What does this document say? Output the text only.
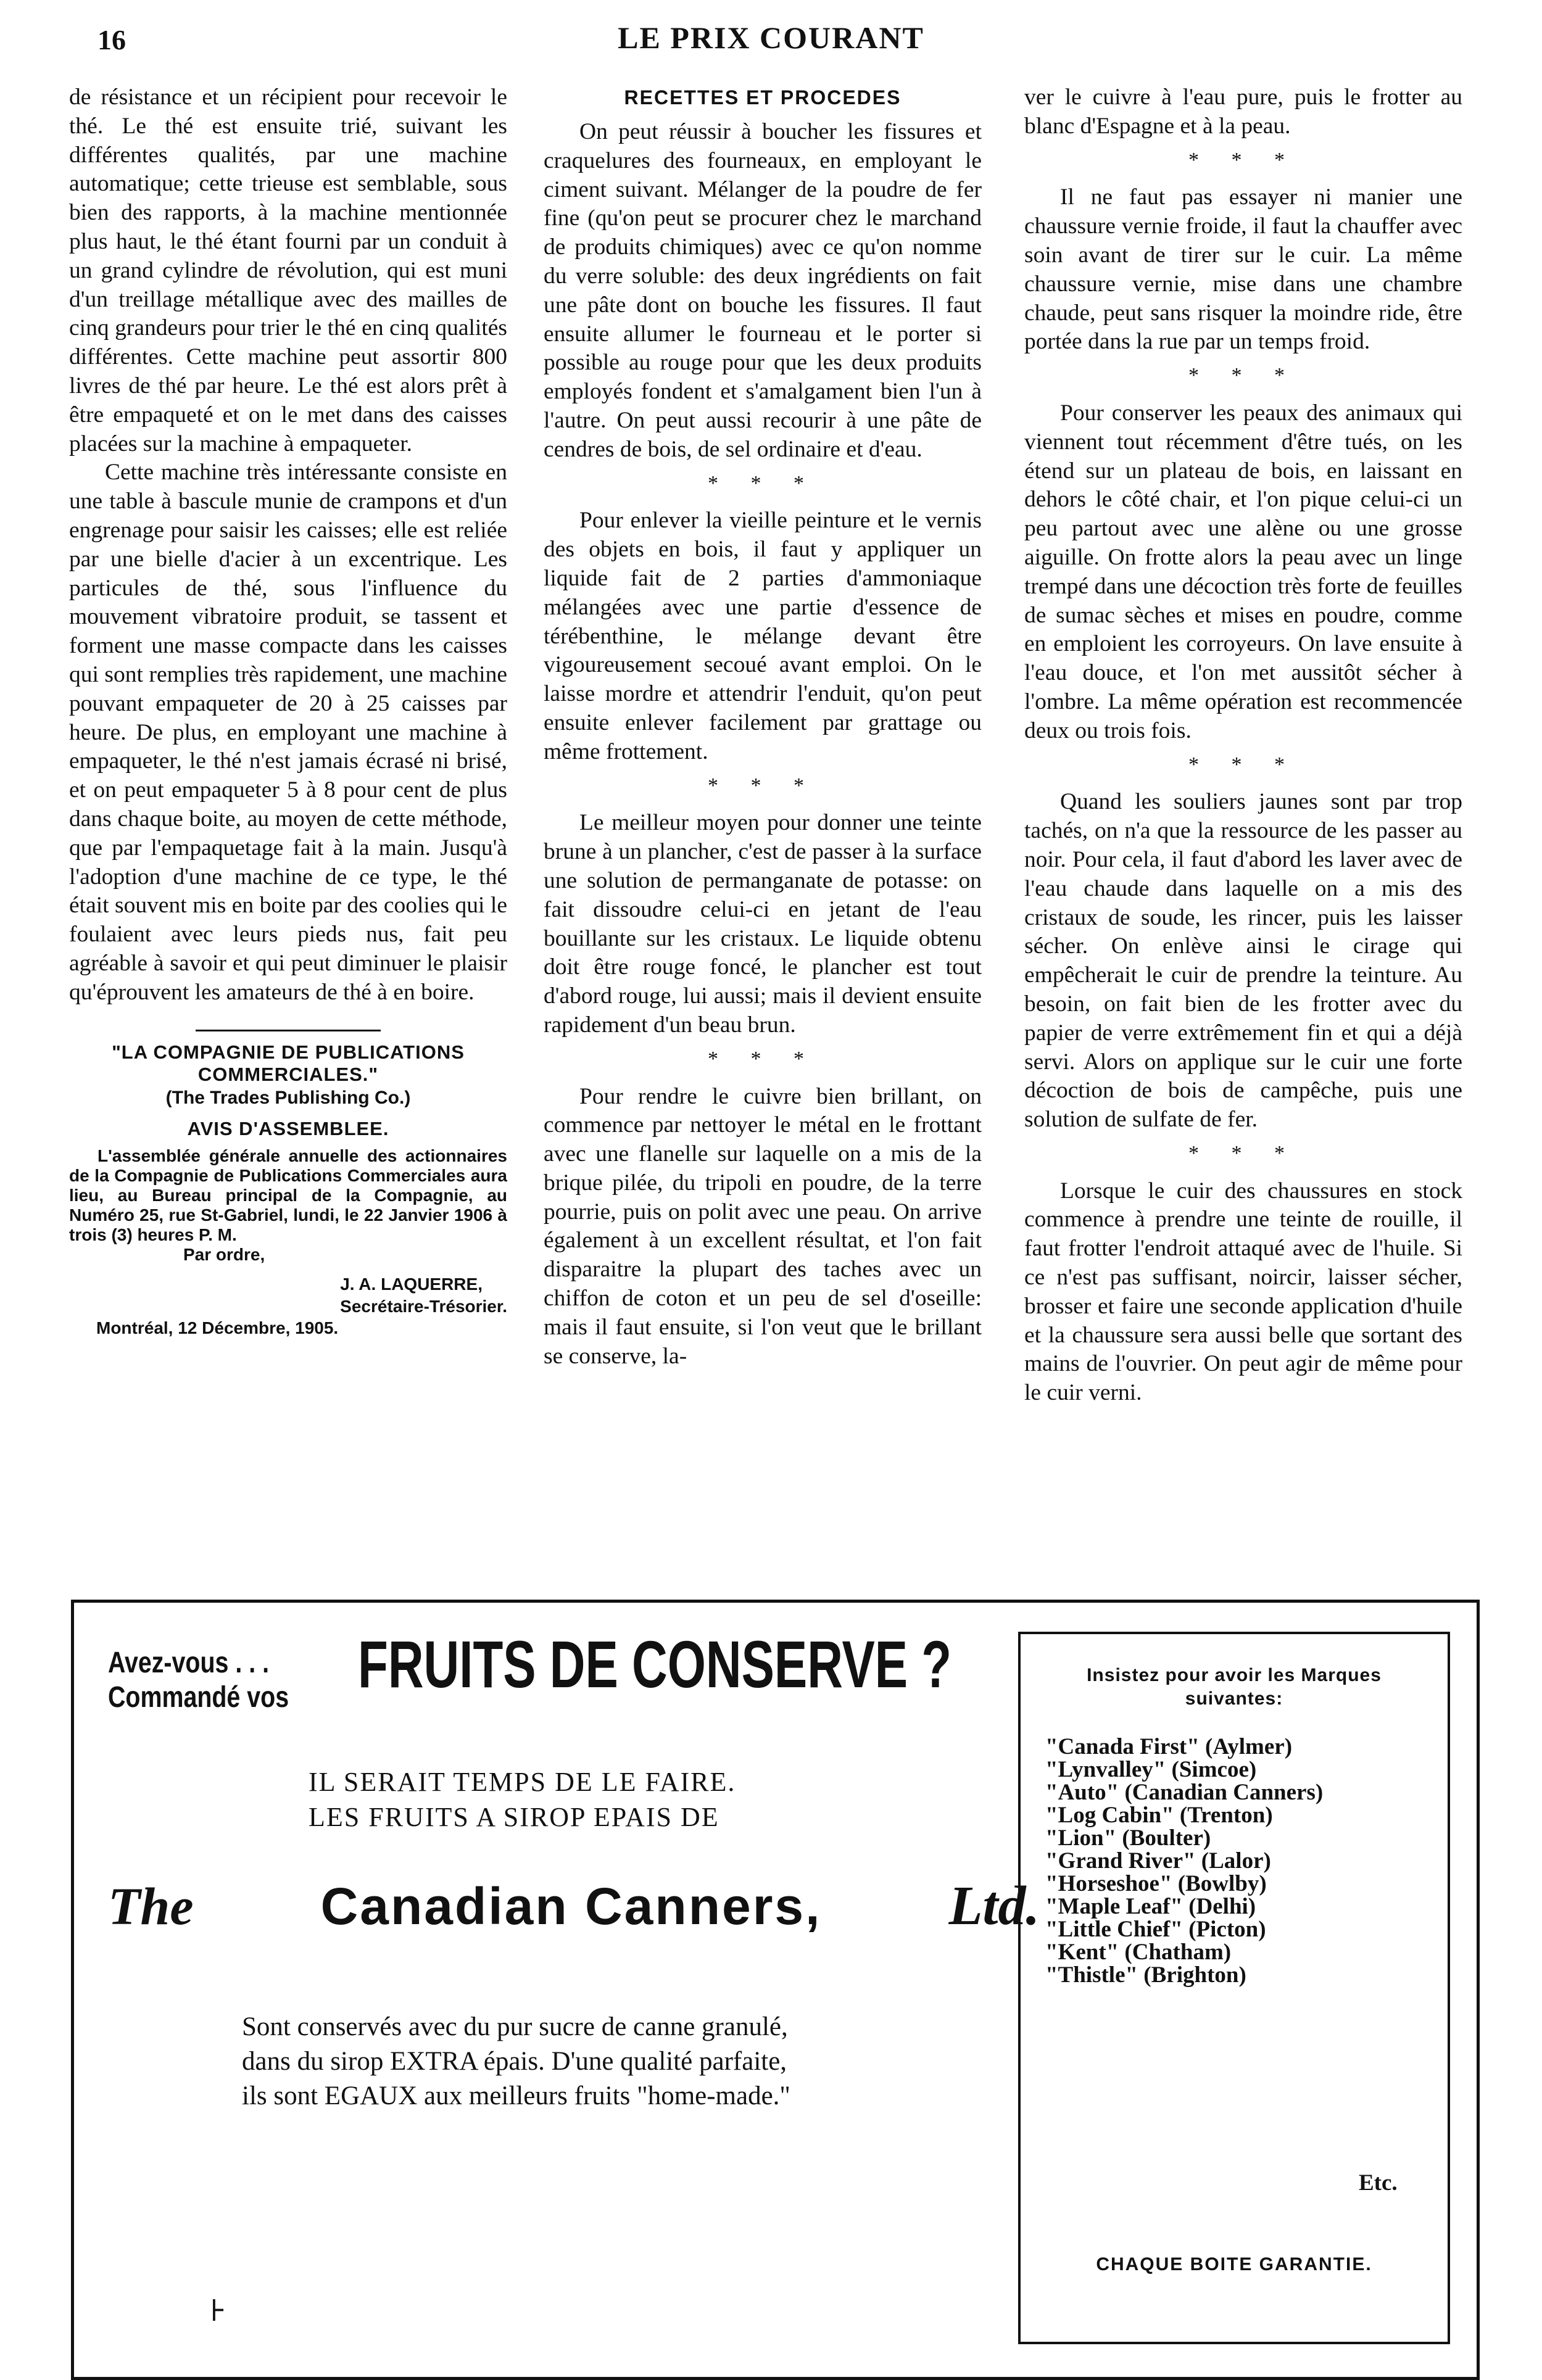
16	LE PRIX COURANT

de résistance et un récipient pour recevoir le thé. Le thé est ensuite trié, suivant les différentes qualités, par une machine automatique; cette trieuse est semblable, sous bien des rapports, à la machine mentionnée plus haut, le thé étant fourni par un conduit à un grand cylindre de révolution, qui est muni d'un treillage métallique avec des mailles de cinq grandeurs pour trier le thé en cinq qualités différentes. Cette machine peut assortir 800 livres de thé par heure. Le thé est alors prêt à être empaqueté et on le met dans des caisses placées sur la machine à empaqueter.

Cette machine très intéressante consiste en une table à bascule munie de crampons et d'un engrenage pour saisir les caisses; elle est reliée par une bielle d'acier à un excentrique. Les particules de thé, sous l'influence du mouvement vibratoire produit, se tassent et forment une masse compacte dans les caisses qui sont remplies très rapidement, une machine pouvant empaqueter de 20 à 25 caisses par heure. De plus, en employant une machine à empaqueter, le thé n'est jamais écrasé ni brisé, et on peut empaqueter 5 à 8 pour cent de plus dans chaque boite, au moyen de cette méthode, que par l'empaquetage fait à la main. Jusqu'à l'adoption d'une machine de ce type, le thé était souvent mis en boite par des coolies qui le foulaient avec leurs pieds nus, fait peu agréable à savoir et qui peut diminuer le plaisir qu'éprouvent les amateurs de thé à en boire.

"LA COMPAGNIE DE PUBLICATIONS COMMERCIALES."
(The Trades Publishing Co.)
AVIS D'ASSEMBLEE.
L'assemblée générale annuelle des actionnaires de la Compagnie de Publications Commerciales aura lieu, au Bureau principal de la Compagnie, au Numéro 25, rue St-Gabriel, lundi, le 22 Janvier 1906 à trois (3) heures P. M.
Par ordre,
J. A. LAQUERRE,
Secrétaire-Trésorier.
Montréal, 12 Décembre, 1905.
RECETTES ET PROCEDES

On peut réussir à boucher les fissures et craquelures des fourneaux, en employant le ciment suivant. Mélanger de la poudre de fer fine (qu'on peut se procurer chez le marchand de produits chimiques) avec ce qu'on nomme du verre soluble: des deux ingrédients on fait une pâte dont on bouche les fissures. Il faut ensuite allumer le fourneau et le porter si possible au rouge pour que les deux produits employés fondent et s'amalgament bien l'un à l'autre. On peut aussi recourir à une pâte de cendres de bois, de sel ordinaire et d'eau.

* * *

Pour enlever la vieille peinture et le vernis des objets en bois, il faut y appliquer un liquide fait de 2 parties d'ammoniaque mélangées avec une partie d'essence de térébenthine, le mélange devant être vigoureusement secoué avant emploi. On le laisse mordre et attendrir l'enduit, qu'on peut ensuite enlever facilement par grattage ou même frottement.

* * *

Le meilleur moyen pour donner une teinte brune à un plancher, c'est de passer à la surface une solution de permanganate de potasse: on fait dissoudre celui-ci en jetant de l'eau bouillante sur les cristaux. Le liquide obtenu doit être rouge foncé, le plancher est tout d'abord rouge, lui aussi; mais il devient ensuite rapidement d'un beau brun.

* * *

Pour rendre le cuivre bien brillant, on commence par nettoyer le métal en le frottant avec une flanelle sur laquelle on a mis de la brique pilée, du tripoli en poudre, de la terre pourrie, puis on polit avec une peau. On arrive également à un excellent résultat, et l'on fait disparaitre la plupart des taches avec un chiffon de coton et un peu de sel d'oseille: mais il faut ensuite, si l'on veut que le brillant se conserve, la-

ver le cuivre à l'eau pure, puis le frotter au blanc d'Espagne et à la peau.

* * *

Il ne faut pas essayer ni manier une chaussure vernie froide, il faut la chauffer avec soin avant de tirer sur le cuir. La même chaussure vernie, mise dans une chambre chaude, peut sans risquer la moindre ride, être portée dans la rue par un temps froid.

* * *

Pour conserver les peaux des animaux qui viennent tout récemment d'être tués, on les étend sur un plateau de bois, en laissant en dehors le côté chair, et l'on pique celui-ci un peu partout avec une alène ou une grosse aiguille. On frotte alors la peau avec un linge trempé dans une décoction très forte de feuilles de sumac sèches et mises en poudre, comme en emploient les corroyeurs. On lave ensuite à l'eau douce, et l'on met aussitôt sécher à l'ombre. La même opération est recommencée deux ou trois fois.

* * *

Quand les souliers jaunes sont par trop tachés, on n'a que la ressource de les passer au noir. Pour cela, il faut d'abord les laver avec de l'eau chaude dans laquelle on a mis des cristaux de soude, les rincer, puis les laisser sécher. On enlève ainsi le cirage qui empêcherait le cuir de prendre la teinture. Au besoin, on fait bien de les frotter avec du papier de verre extrêmement fin et qui a déjà servi. Alors on applique sur le cuir une forte décoction de bois de campêche, puis une solution de sulfate de fer.

* * *

Lorsque le cuir des chaussures en stock commence à prendre une teinte de rouille, il faut frotter l'endroit attaqué avec de l'huile. Si ce n'est pas suffisant, noircir, laisser sécher, brosser et faire une seconde application d'huile et la chaussure sera aussi belle que sortant des mains de l'ouvrier. On peut agir de même pour le cuir verni.

Avez-vous . . .
Commandé vos FRUITS DE CONSERVE ?
IL SERAIT TEMPS DE LE FAIRE.
LES FRUITS A SIROP EPAIS DE
The Canadian Canners, Ltd.
Sont conservés avec du pur sucre de canne granulé,
dans du sirop EXTRA épais. D'une qualité parfaite,
ils sont EGAUX aux meilleurs fruits "home-made."
⊦
Insistez pour avoir les Marques suivantes:
"Canada First" (Aylmer)
"Lynvalley" (Simcoe)
"Auto" (Canadian Canners)
"Log Cabin" (Trenton)
"Lion" (Boulter)
"Grand River" (Lalor)
"Horseshoe" (Bowlby)
"Maple Leaf" (Delhi)
"Little Chief" (Picton)
"Kent" (Chatham)
"Thistle" (Brighton)
Etc.
CHAQUE BOITE GARANTIE.
